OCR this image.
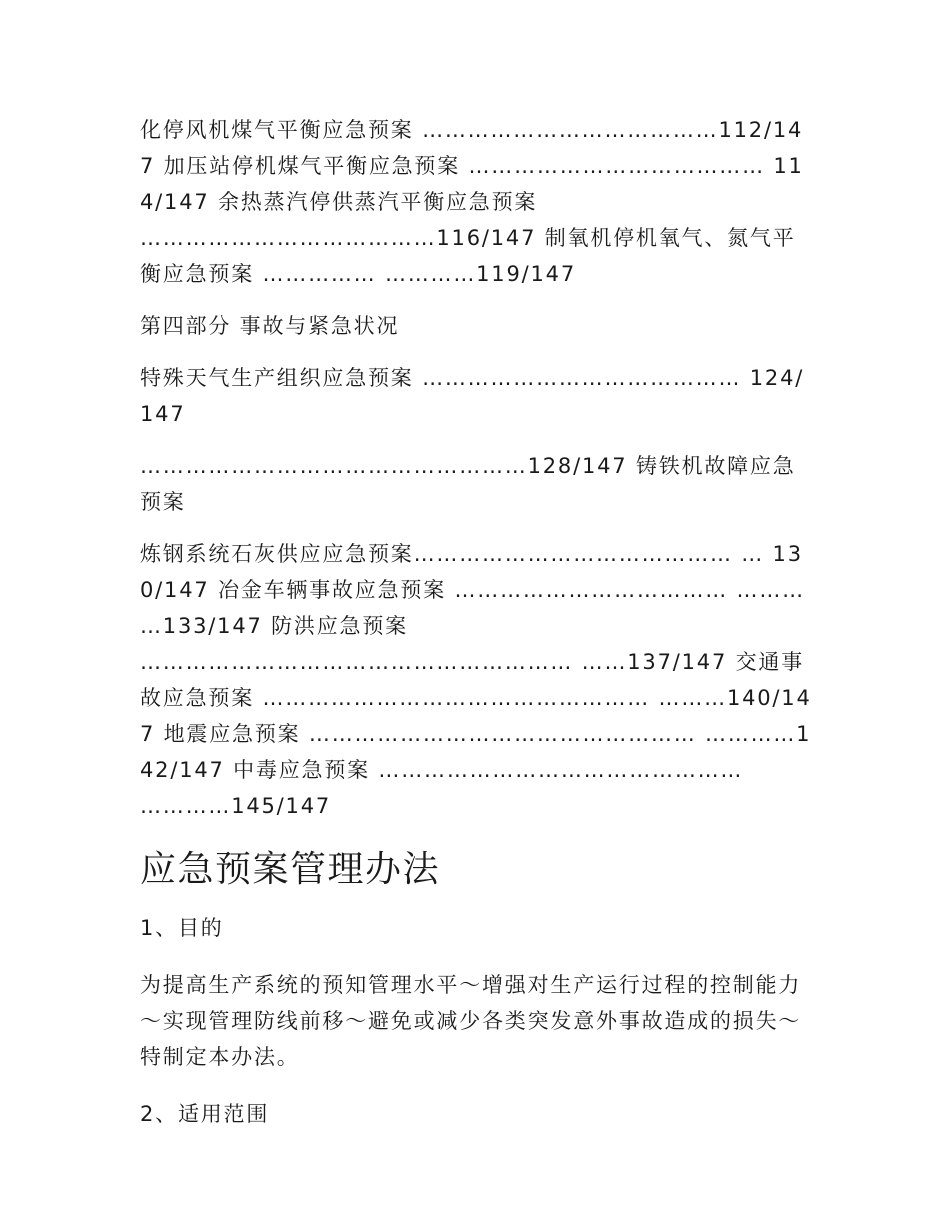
化停风机煤气平衡应急预案 …………………………………112/147 加压站停机煤气平衡应急预案 ………………………………… 114/147 余热蒸汽停供蒸汽平衡应急预案 …………………………………116/147 制氧机停机氧气、氮气平衡应急预案 …………… …………119/147

第四部分 事故与紧急状况

特殊天气生产组织应急预案 …………………………………… 124/147

……………………………………………128/147 铸铁机故障应急预案

炼钢系统石灰供应应急预案…………………………………… … 130/147 冶金车辆事故应急预案 ……………………………… ……… …133/147 防洪应急预案 ………………………………………………… ……137/147 交通事故应急预案 …………………………………………… ………140/147 地震应急预案 …………………………………………… …………142/147 中毒应急预案 ………………………………………… …………145/147

应急预案管理办法

1、目的

为提高生产系统的预知管理水平～增强对生产运行过程的控制能力～实现管理防线前移～避免或减少各类突发意外事故造成的损失～特制定本办法。

2、适用范围
